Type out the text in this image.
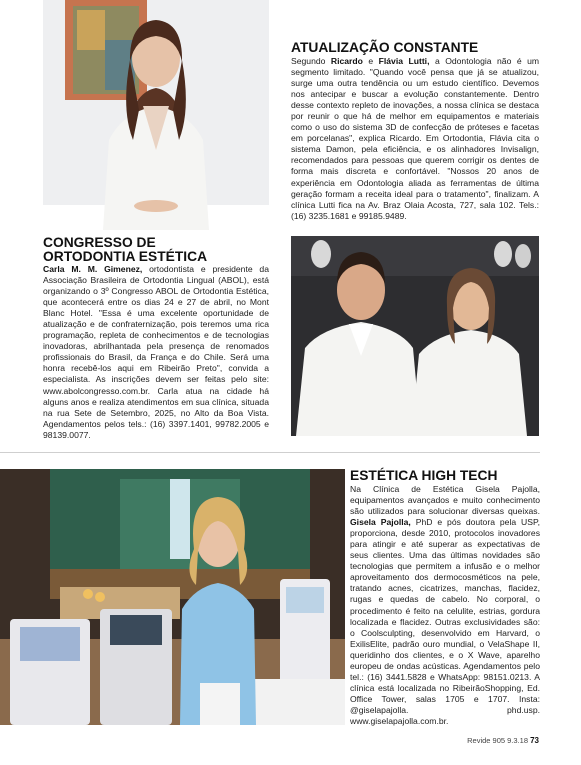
ATUALIZAÇÃO CONSTANTE
Segundo Ricardo e Flávia Lutti, a Odontologia não é um segmento limitado. "Quando você pensa que já se atualizou, surge uma outra tendência ou um estudo científico. Devemos nos antecipar e buscar a evolução constantemente. Dentro desse contexto repleto de inovações, a nossa clínica se destaca por reunir o que há de melhor em equipamentos e materiais como o uso do sistema 3D de confecção de próteses e facetas em porcelanas", explica Ricardo. Em Ortodontia, Flávia cita o sistema Damon, pela eficiência, e os alinhadores Invisalign, recomendados para pessoas que querem corrigir os dentes de forma mais discreta e confortável. "Nossos 20 anos de experiência em Odontologia aliada as ferramentas de última geração formam a receita ideal para o tratamento", finalizam. A clínica Lutti fica na Av. Braz Olaia Acosta, 727, sala 102. Tels.: (16) 3235.1681 e 99185.9489.
CONGRESSO DE
ORTODONTIA ESTÉTICA
Carla M. M. Gimenez, ortodontista e presidente da Associação Brasileira de Ortodontia Lingual (ABOL), está organizando o 3º Congresso ABOL de Ortodontia Estética, que acontecerá entre os dias 24 e 27 de abril, no Mont Blanc Hotel. "Essa é uma excelente oportunidade de atualização e de confraternização, pois teremos uma rica programação, repleta de conhecimentos e de tecnologias inovadoras, abrilhantada pela presença de renomados profissionais do Brasil, da França e do Chile. Será uma honra recebê-los aqui em Ribeirão Preto", convida a especialista. As inscrições devem ser feitas pelo site: www.abolcongresso.com.br. Carla atua na cidade há alguns anos e realiza atendimentos em sua clínica, situada na rua Sete de Setembro, 2025, no Alto da Boa Vista. Agendamentos pelos tels.: (16) 3397.1401, 99782.2005 e 98139.0077.
ESTÉTICA HIGH TECH
Na Clínica de Estética Gisela Pajolla, equipamentos avançados e muito conhecimento são utilizados para solucionar diversas queixas. Gisela Pajolla, PhD e pós doutora pela USP, proporciona, desde 2010, protocolos inovadores para atingir e até superar as expectativas de seus clientes. Uma das últimas novidades são tecnologias que permitem a infusão e o melhor aproveitamento dos dermocosméticos na pele, tratando acnes, cicatrizes, manchas, flacidez, rugas e quedas de cabelo. No corporal, o procedimento é feito na celulite, estrias, gordura localizada e flacidez. Outras exclusividades são: o Coolsculpting, desenvolvido em Harvard, o ExilisElite, padrão ouro mundial, o VelaShape II, queridinho dos clientes, e o X Wave, aparelho europeu de ondas acústicas. Agendamentos pelo tel.: (16) 3441.5828 e WhatsApp: 98151.0213. A clínica está localizada no RibeirãoShopping, Ed. Office Tower, salas 1705 e 1707. Insta: @giselapajolla. phd.usp. www.giselapajolla.com.br.
Revide 905 9.3.18 73
